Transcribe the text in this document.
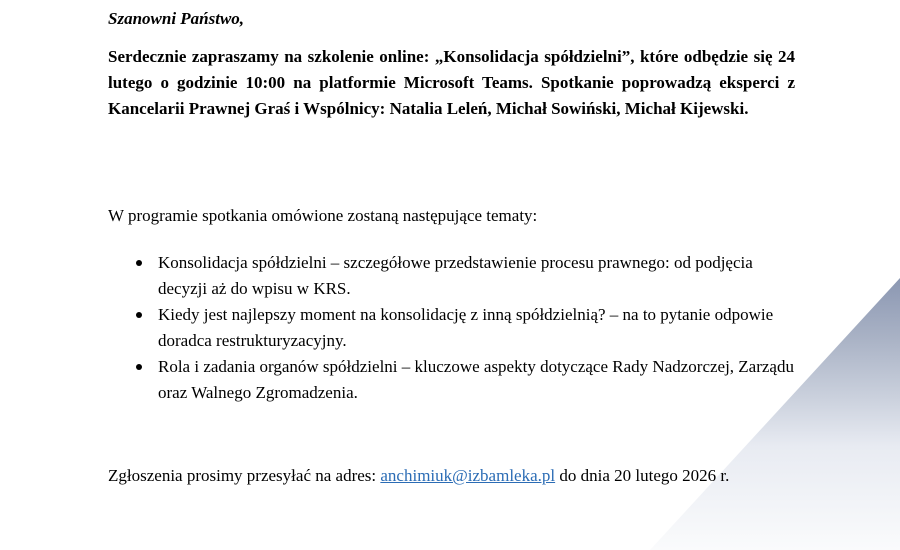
Szanowni Państwo,

Serdecznie zapraszamy na szkolenie online: „Konsolidacja spółdzielni”, które odbędzie się 24 lutego o godzinie 10:00 na platformie Microsoft Teams. Spotkanie poprowadzą eksperci z Kancelarii Prawnej Graś i Wspólnicy: Natalia Leleń, Michał Sowiński, Michał Kijewski.

W programie spotkania omówione zostaną następujące tematy:

Konsolidacja spółdzielni – szczegółowe przedstawienie procesu prawnego: od podjęcia decyzji aż do wpisu w KRS.
Kiedy jest najlepszy moment na konsolidację z inną spółdzielnią? – na to pytanie odpowie doradca restrukturyzacyjny.
Rola i zadania organów spółdzielni – kluczowe aspekty dotyczące Rady Nadzorczej, Zarządu oraz Walnego Zgromadzenia.

Zgłoszenia prosimy przesyłać na adres: anchimiuk@izbamleka.pl do dnia 20 lutego 2026 r.
